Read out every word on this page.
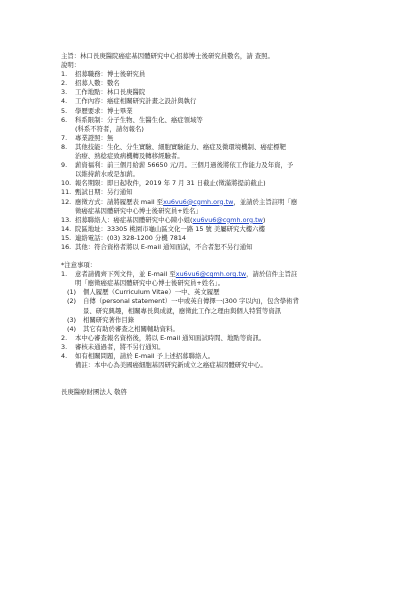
主旨：林口長庚醫院癌症基因體研究中心招募博士後研究員數名，請 查照。
說明：
1.	招募職務：博士後研究員
2.	招募人數：數名
3.	工作地點：林口長庚醫院
4.	工作內容：癌症相關研究計畫之設計與執行
5.	學歷要求：博士畢業
6.	科系限制：分子生物、生醫生化、癌症領域等
(科系不符者，請勿報名)
7.	專業證照：無
8.	其他技能：生化、分生實驗、細胞實驗能力、癌症及微環境機制、癌症標靶
治療、熟稔症致病機轉及轉移經驗者。
9.	薪資福利：前三個月給薪 56650 元/月。三個月過後將依工作能力及年資，予
以維持薪水或是加薪。
10. 報名期限：即日起收件，2019 年 7 月 31 日截止(徵滿將提前截止)
11. 甄試日期：另行通知
12. 應徵方式：請將履歷表 mail 至 xu6vu6@cgmh.org.tw ，並請於主旨註明「應
徵癌症基因體研究中心博士後研究員+姓名」
13. 招募聯絡人：癌症基因體研究中心陳小姐( xu6vu6@cgmh.org.tw )
14. 院區地址：33305 桃園市龜山區文化一路 15 號 美屬研究大樓六樓
15. 連絡電話：(03) 328-1200 分機 7814
16. 其他：符合資格者將以 E-mail 通知面試，不合者恕不另行通知
*注意事項：
1.	意者請備齊下列文件，並 E-mail 至 xu6vu6@cgmh.org.tw ，請於信件主旨註
明「應徵癌症基因體研究中心博士後研究員+姓名」。
(1)	個人履歷（Curriculum Vitae）一中、英文履歷
(2)	自傳（personal statement）一中或英自傳擇一(300 字以內)，包含學術背
景、研究興趣，相關專長與成就，應徵此工作之理由與個人特質等資訊
(3)	相關研究著作目錄
(4)	其它有助於審查之相關輔助資料。
2.	本中心審查報名資格後，將以 E-mail 通知面試時間、地點等資訊。
3.	審核未通過者，將不另行通知。
4.	如有相關問題，請於 E-mail 予上述招募聯絡人。
備註：本中心為美國癌細胞基因研究新成立之癌症基因體研究中心。
長庚醫療財團法人 敬啓
